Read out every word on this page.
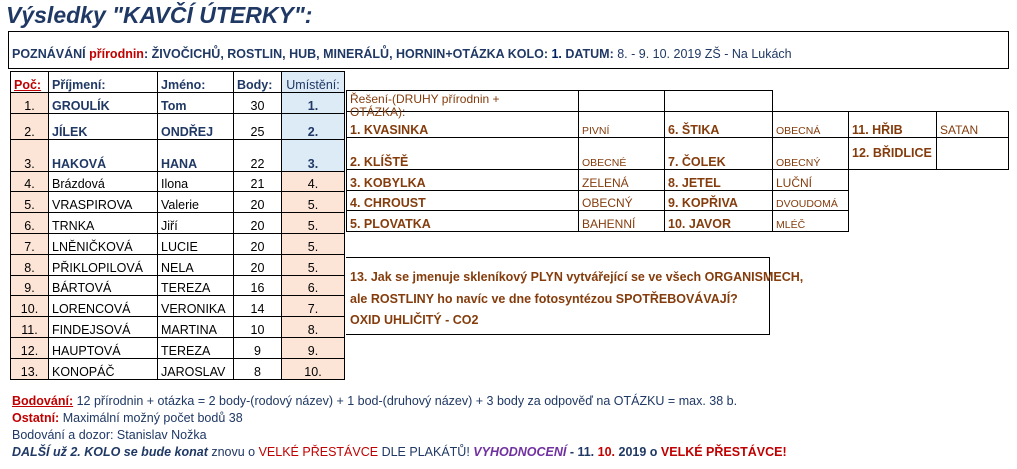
Výsledky "KAVČÍ ÚTERKY":
POZNÁVÁNÍ přírodnin: ŽIVOČICHŮ, ROSTLIN, HUB, MINERÁLŮ, HORNIN+OTÁZKA KOLO: 1. DATUM: 8. - 9. 10. 2019 ZŠ - Na Lukách
Poč:	Příjmení:	Jméno:	Body:	Umístění:
1.	GROULÍK	Tom	30	1.
2.	JÍLEK	ONDŘEJ	25	2.
3.	HAKOVÁ	HANA	22	3.
4.	Brázdová	Ilona	21	4.
5.	VRASPIROVA	Valerie	20	5.
6.	TRNKA	Jiří	20	5.
7.	LNĚNIČKOVÁ	LUCIE	20	5.
8.	PŘIKLOPILOVÁ	NELA	20	5.
9.	BÁRTOVÁ	TEREZA	16	6.
10.	LORENCOVÁ	VERONIKA	14	7.
11.	FINDEJSOVÁ	MARTINA	10	8.
12.	HAUPTOVÁ	TEREZA	9	9.
13.	KONOPÁČ	JAROSLAV	8	10.

1. KVASINKA	PIVNÍ	6. ŠTIKA	OBECNÁ	11. HŘIB	SATAN
2. KLÍŠTĚ	OBECNÉ	7. ČOLEK	OBECNÝ	12. BŘIDLICE	
3. KOBYLKA	ZELENÁ	8. JETEL	LUČNÍ		
4. CHROUST	OBECNÝ	9. KOPŘIVA	DVOUDOMÁ		
5. PLOVATKA	BAHENNÍ	10. JAVOR	MLÉČ		
Řešení-(DRUHY přírodnin + OTÁZKA):
13. Jak se jmenuje skleníkový PLYN vytvářející se ve všech ORGANISMECH,
ale ROSTLINY ho navíc ve dne fotosyntézou SPOTŘEBOVÁVAJÍ?
OXID UHLIČITÝ - CO2
Bodování: 12 přírodnin + otázka = 2 body-(rodový název) + 1 bod-(druhový název) + 3 body za odpověď na OTÁZKU = max. 38 b.
Ostatní: Maximální možný počet bodů 38
Bodování a dozor: Stanislav Nožka
DALŠÍ už 2. KOLO se bude konat znovu o VELKÉ PŘESTÁVCE DLE PLAKÁTŮ! VYHODNOCENÍ - 11. 10. 2019 o VELKÉ PŘESTÁVCE!
